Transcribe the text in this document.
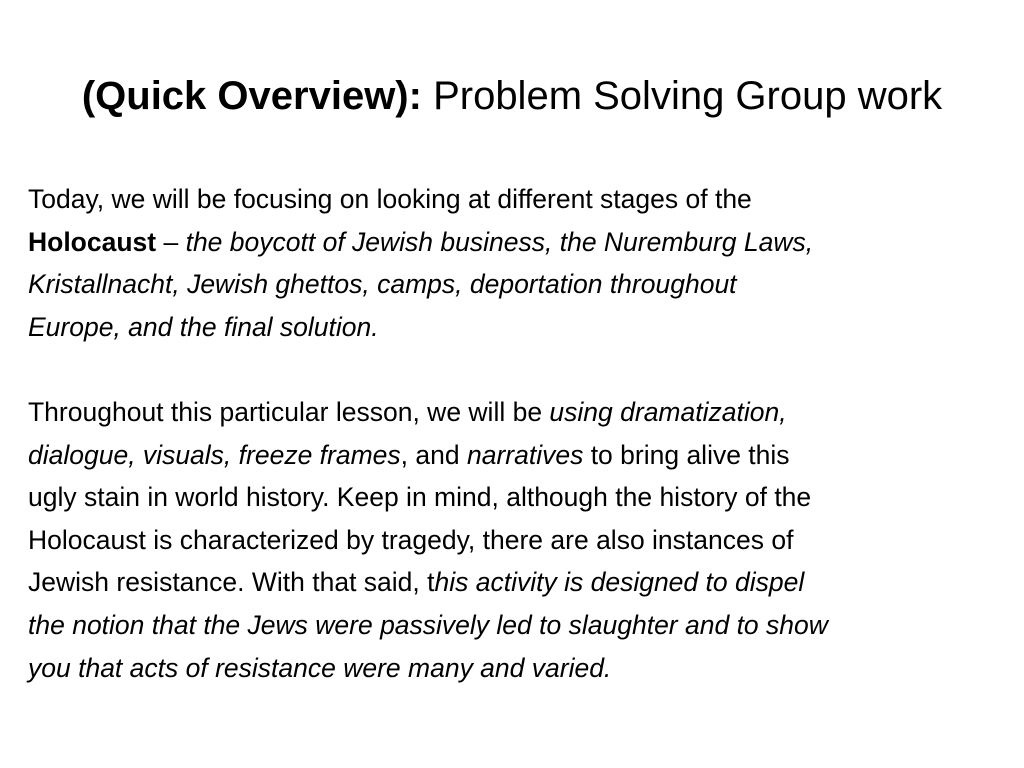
(Quick Overview): Problem Solving Group work
Today, we will be focusing on looking at different stages of the
Holocaust – the boycott of Jewish business, the Nuremburg Laws,
Kristallnacht, Jewish ghettos, camps, deportation throughout
Europe, and the final solution.
Throughout this particular lesson, we will be using dramatization,
dialogue, visuals, freeze frames, and narratives to bring alive this
ugly stain in world history. Keep in mind, although the history of the
Holocaust is characterized by tragedy, there are also instances of
Jewish resistance. With that said, this activity is designed to dispel
the notion that the Jews were passively led to slaughter and to show
you that acts of resistance were many and varied.
